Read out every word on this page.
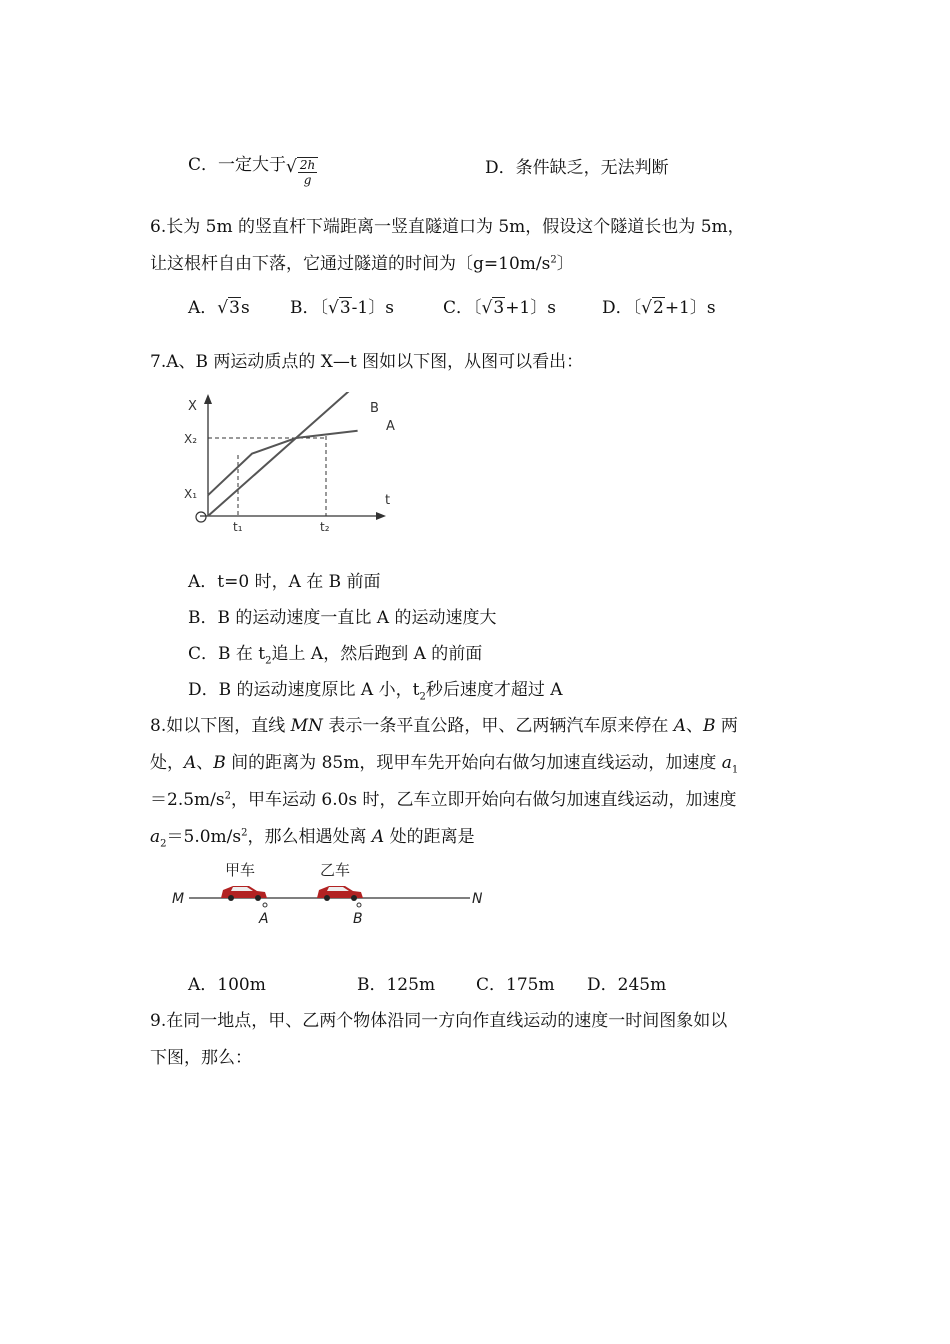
C．一定大于√ $\frac{2h}{g}$	D．条件缺乏，无法判断
6.长为 5m 的竖直杆下端距离一竖直隧道口为 5m，假设这个隧道长也为 5m，
让这根杆自由下落，它通过隧道的时间为〔$g=10m/s^2$〕
A．√3s B．〔√3-1〕s	C．〔√3+1〕s	D．〔√2+1〕s
7.A、B 两运动质点的 X—t 图如以下图，从图可以看出：
X
t
X₂
X₁
t₁	t₂
B
A
A．t=0 时，A 在 B 前面
B．B 的运动速度一直比 A 的运动速度大
C．B 在 $t_2$追上 A，然后跑到 A 的前面
D．B 的运动速度原比 A 小，$t_2$秒后速度才超过 A
8.如以下图，直线 MN 表示一条平直公路，甲、乙两辆汽车原来停在 A、B 两
处，A、B 间的距离为 85m，现甲车先开始向右做匀加速直线运动，加速度 $a_1$
$=2.5m/s^2$，甲车运动 6.0s 时，乙车立即开始向右做匀加速直线运动，加速度
$a_2=5.0m/s^2$，那么相遇处离 A 处的距离是
甲车	乙车
M	N
A	B
A．100m	B．125m C．175m D．245m
9.在同一地点，甲、乙两个物体沿同一方向作直线运动的速度一时间图象如以
下图，那么：
